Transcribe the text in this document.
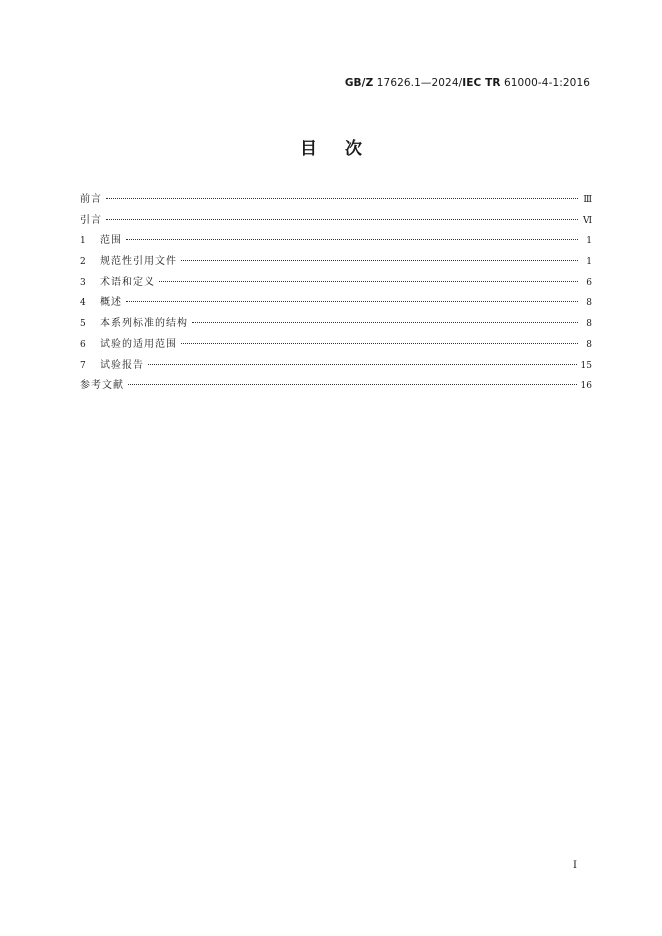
GB/Z 17626.1—2024/IEC TR 61000-4-1:2016
目次
前言	Ⅲ
引言	Ⅵ
1	范围	1
2	规范性引用文件	1
3	术语和定义	6
4	概述	8
5	本系列标准的结构	8
6	试验的适用范围	8
7	试验报告	15
参考文献	16
Ⅰ
